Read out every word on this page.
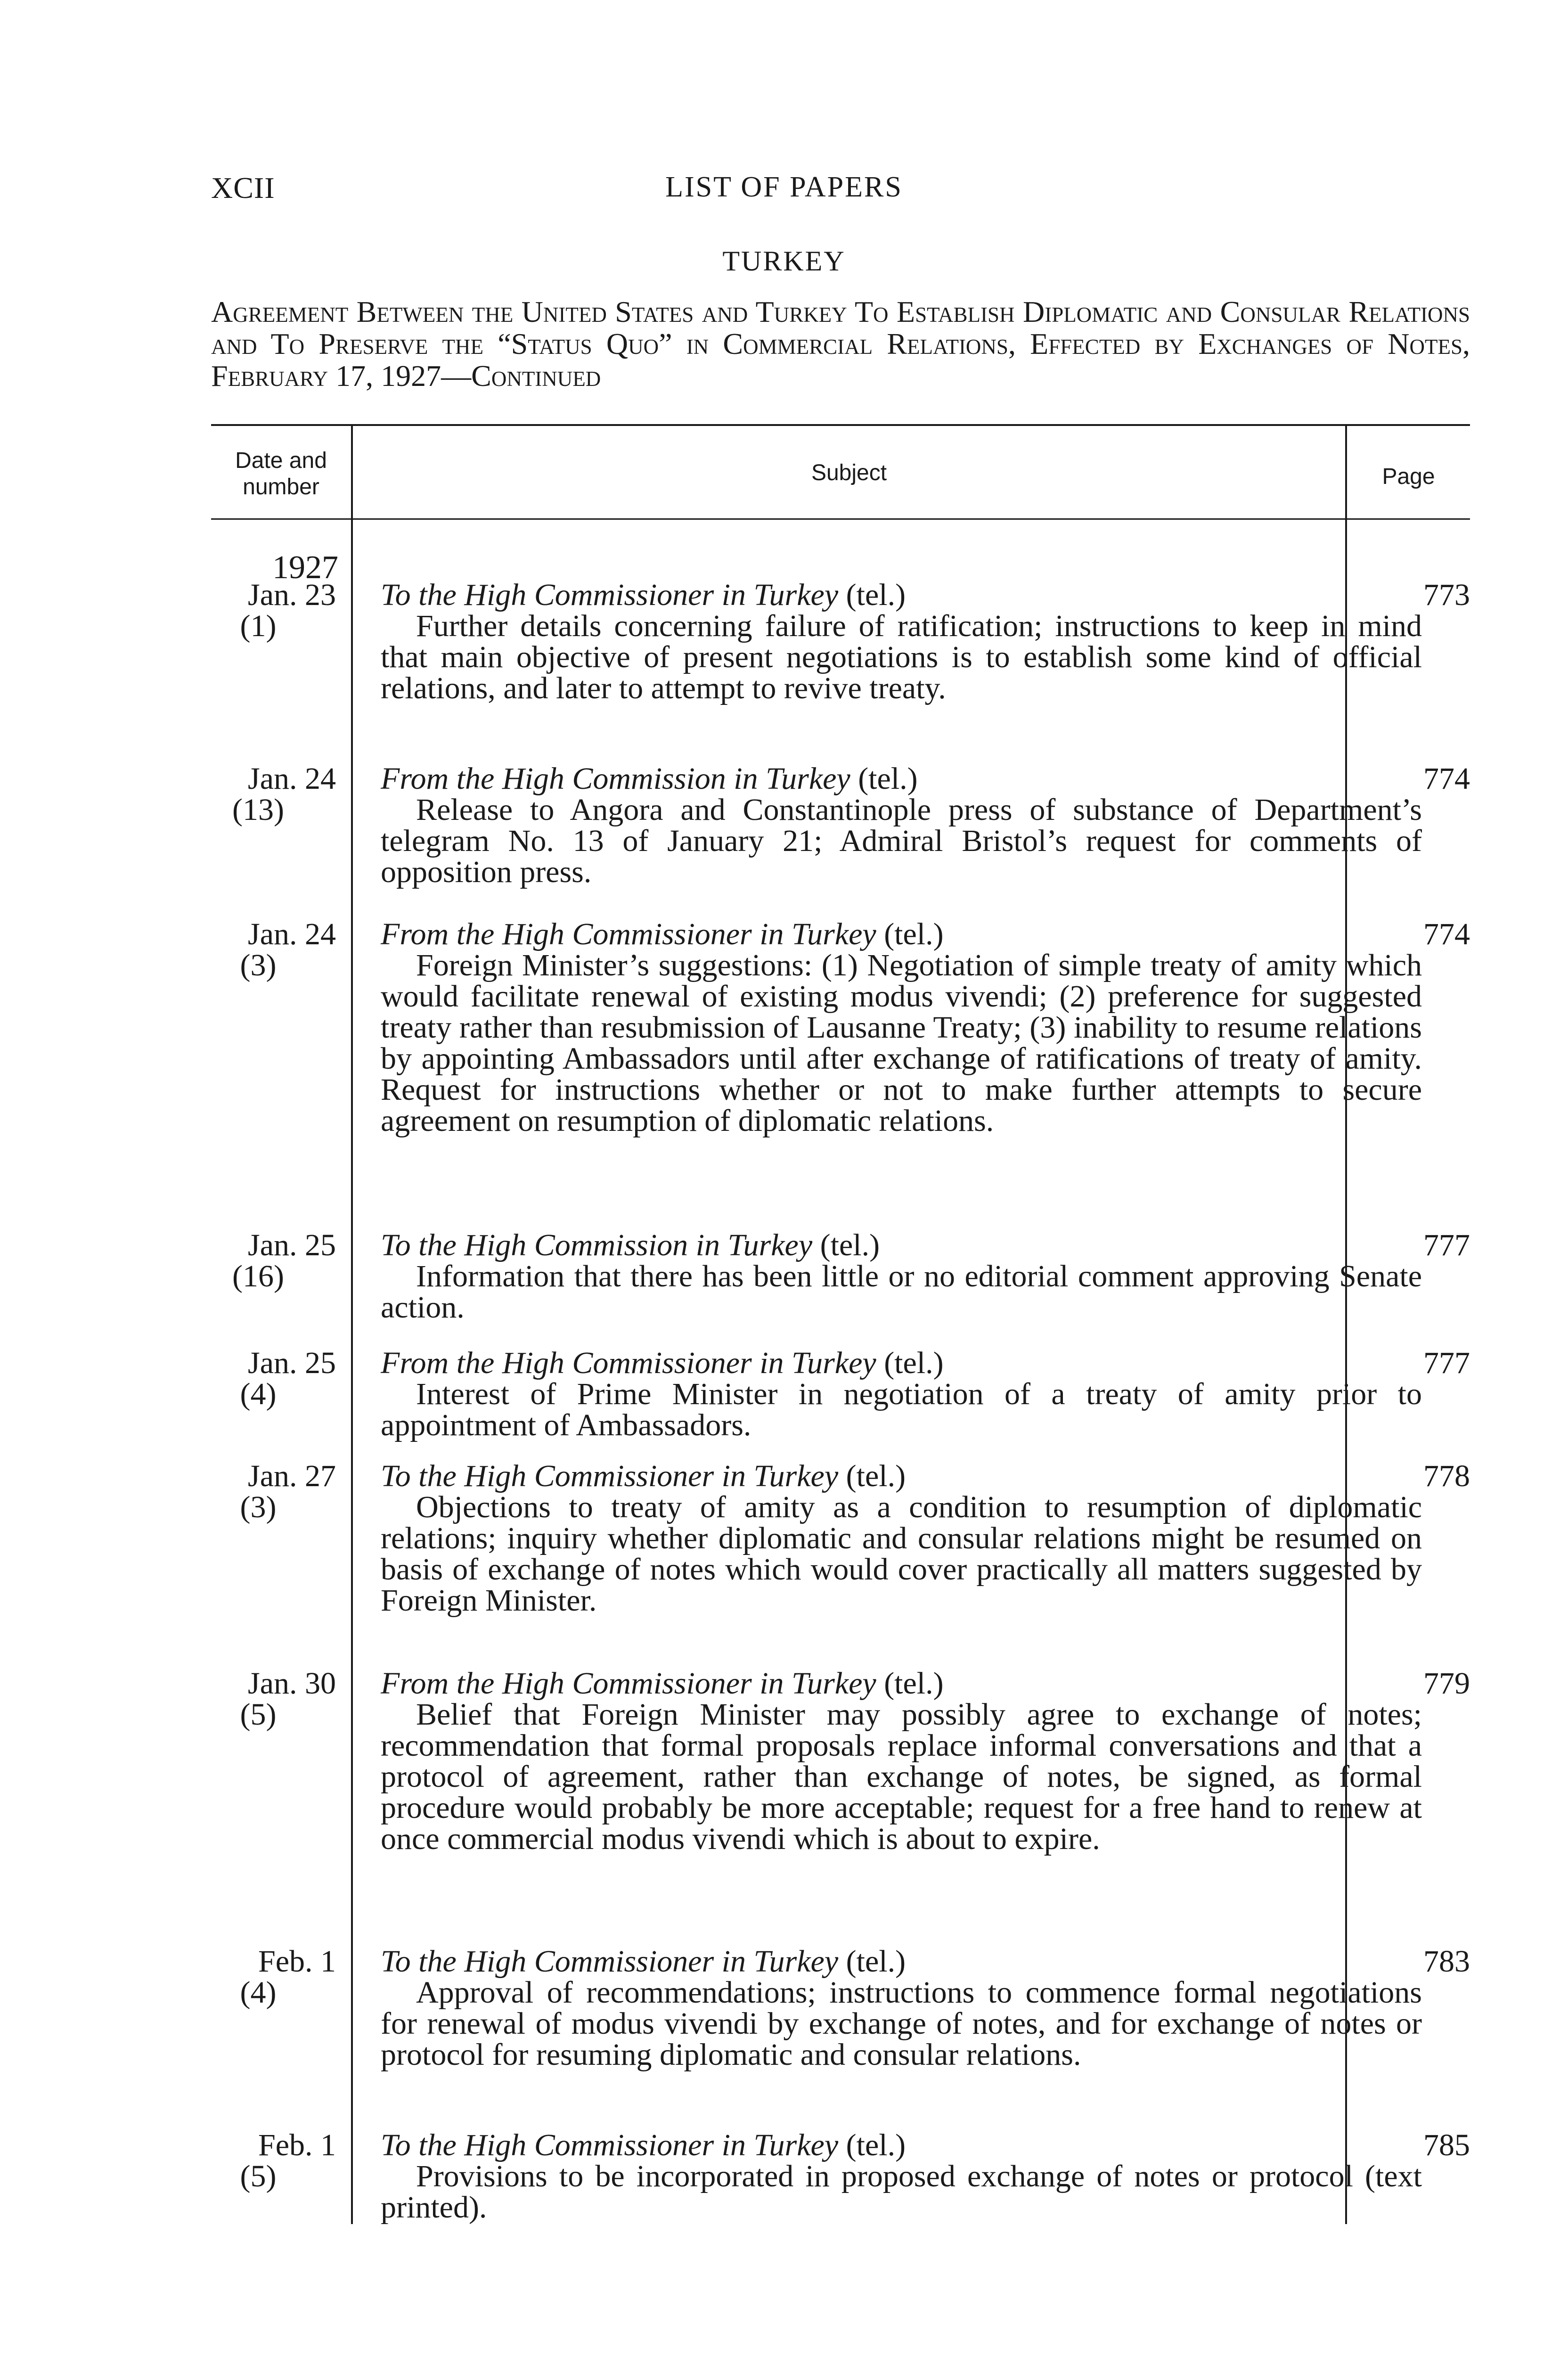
XCII	LIST OF PAPERS
TURKEY
Agreement Between the United States and Turkey To Establish Diplomatic and Consular Relations and To Preserve the “Status Quo” in Commercial Relations, Effected by Exchanges of Notes, February 17, 1927—Continued
Date and
number
Subject	Page
1927
Jan. 23
(1)
To the High Commissioner in Turkey (tel.)
Further details concerning failure of ratification; instructions to keep in mind that main objective of present negotiations is to establish some kind of official relations, and later to attempt to revive treaty.
773
Jan. 24
(13)
From the High Commission in Turkey (tel.)
Release to Angora and Constantinople press of substance of Department’s telegram No. 13 of January 21; Admiral Bristol’s request for comments of opposition press.
774
Jan. 24
(3)
From the High Commissioner in Turkey (tel.)
Foreign Minister’s suggestions: (1) Negotiation of simple treaty of amity which would facilitate renewal of existing modus vivendi; (2) preference for suggested treaty rather than resubmission of Lausanne Treaty; (3) inability to resume relations by appointing Ambassadors until after exchange of ratifications of treaty of amity. Request for instructions whether or not to make further attempts to secure agreement on resumption of diplomatic relations.
774
Jan. 25
(16)
To the High Commission in Turkey (tel.)
Information that there has been little or no editorial comment approving Senate action.
777
Jan. 25
(4)
From the High Commissioner in Turkey (tel.)
Interest of Prime Minister in negotiation of a treaty of amity prior to appointment of Ambassadors.
777
Jan. 27
(3)
To the High Commissioner in Turkey (tel.)
Objections to treaty of amity as a condition to resumption of diplomatic relations; inquiry whether diplomatic and consular relations might be resumed on basis of exchange of notes which would cover practically all matters suggested by Foreign Minister.
778
Jan. 30
(5)
From the High Commissioner in Turkey (tel.)
Belief that Foreign Minister may possibly agree to exchange of notes; recommendation that formal proposals replace informal conversations and that a protocol of agreement, rather than exchange of notes, be signed, as formal procedure would probably be more acceptable; request for a free hand to renew at once commercial modus vivendi which is about to expire.
779
Feb. 1
(4)
To the High Commissioner in Turkey (tel.)
Approval of recommendations; instructions to commence formal negotiations for renewal of modus vivendi by exchange of notes, and for exchange of notes or protocol for resuming diplomatic and consular relations.
783
Feb. 1
(5)
To the High Commissioner in Turkey (tel.)
Provisions to be incorporated in proposed exchange of notes or protocol (text printed).
785
